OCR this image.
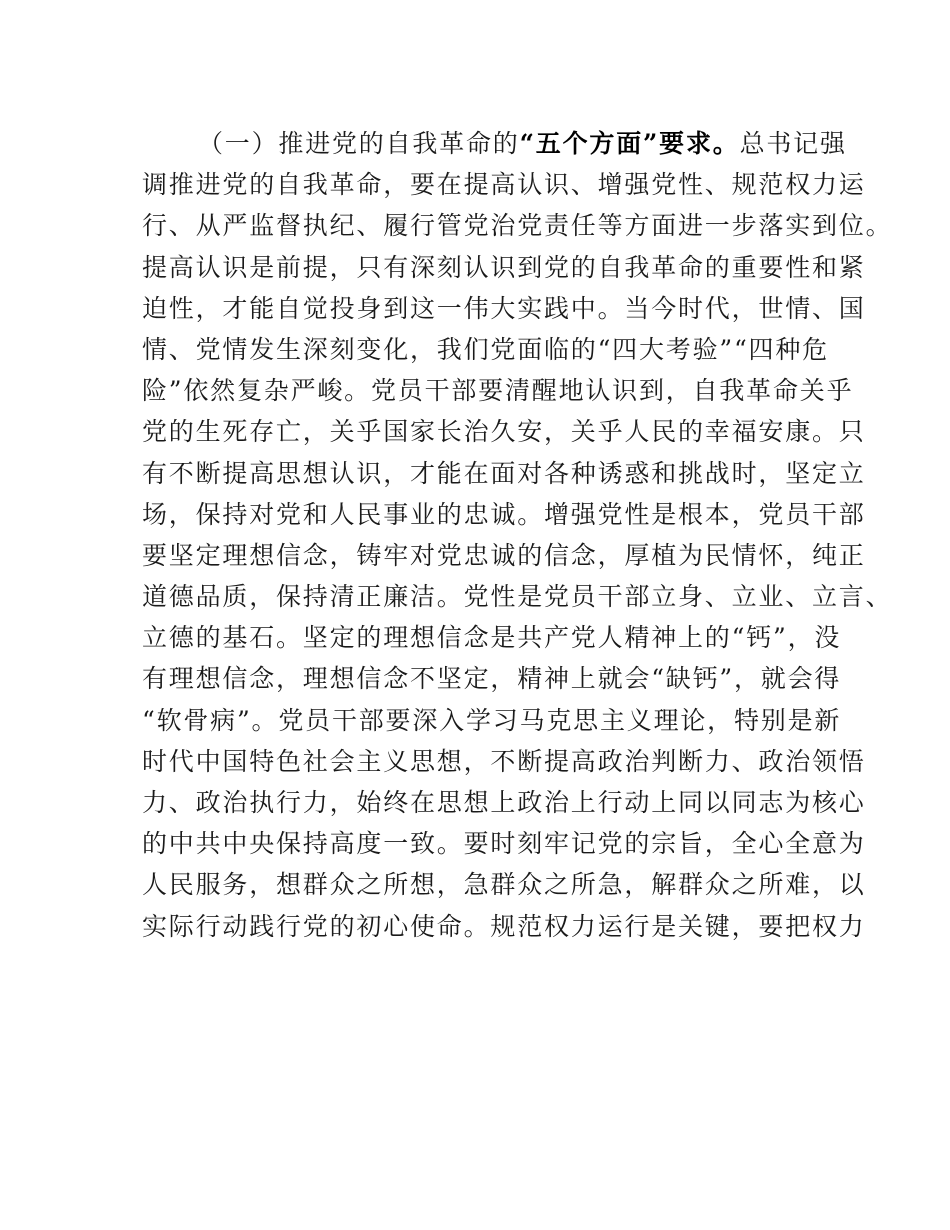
（一）推进党的自我革命的“五个方面”要求。总书记强
调推进党的自我革命，要在提高认识、增强党性、规范权力运
行、从严监督执纪、履行管党治党责任等方面进一步落实到位。
提高认识是前提，只有深刻认识到党的自我革命的重要性和紧
迫性，才能自觉投身到这一伟大实践中。当今时代，世情、国
情、党情发生深刻变化，我们党面临的“四大考验”“四种危
险”依然复杂严峻。党员干部要清醒地认识到，自我革命关乎
党的生死存亡，关乎国家长治久安，关乎人民的幸福安康。只
有不断提高思想认识，才能在面对各种诱惑和挑战时，坚定立
场，保持对党和人民事业的忠诚。增强党性是根本，党员干部
要坚定理想信念，铸牢对党忠诚的信念，厚植为民情怀，纯正
道德品质，保持清正廉洁。党性是党员干部立身、立业、立言、
立德的基石。坚定的理想信念是共产党人精神上的“钙”，没
有理想信念，理想信念不坚定，精神上就会“缺钙”，就会得
“软骨病”。党员干部要深入学习马克思主义理论，特别是新
时代中国特色社会主义思想，不断提高政治判断力、政治领悟
力、政治执行力，始终在思想上政治上行动上同以同志为核心
的中共中央保持高度一致。要时刻牢记党的宗旨，全心全意为
人民服务，想群众之所想，急群众之所急，解群众之所难，以
实际行动践行党的初心使命。规范权力运行是关键，要把权力
